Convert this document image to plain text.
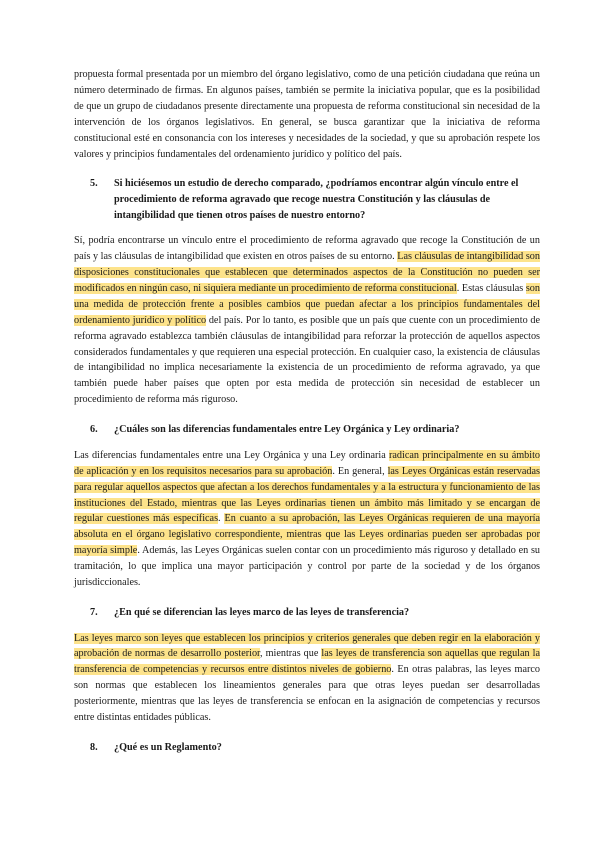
propuesta formal presentada por un miembro del órgano legislativo, como de una petición ciudadana que reúna un número determinado de firmas. En algunos países, también se permite la iniciativa popular, que es la posibilidad de que un grupo de ciudadanos presente directamente una propuesta de reforma constitucional sin necesidad de la intervención de los órganos legislativos. En general, se busca garantizar que la iniciativa de reforma constitucional esté en consonancia con los intereses y necesidades de la sociedad, y que su aprobación respete los valores y principios fundamentales del ordenamiento jurídico y político del país.

5.	Si hiciésemos un estudio de derecho comparado, ¿podríamos encontrar algún vínculo entre el procedimiento de reforma agravado que recoge nuestra Constitución y las cláusulas de intangibilidad que tienen otros países de nuestro entorno?

Sí, podría encontrarse un vínculo entre el procedimiento de reforma agravado que recoge la Constitución de un país y las cláusulas de intangibilidad que existen en otros países de su entorno. Las cláusulas de intangibilidad son disposiciones constitucionales que establecen que determinados aspectos de la Constitución no pueden ser modificados en ningún caso, ni siquiera mediante un procedimiento de reforma constitucional. Estas cláusulas son una medida de protección frente a posibles cambios que puedan afectar a los principios fundamentales del ordenamiento jurídico y político del país. Por lo tanto, es posible que un país que cuente con un procedimiento de reforma agravado establezca también cláusulas de intangibilidad para reforzar la protección de aquellos aspectos considerados fundamentales y que requieren una especial protección. En cualquier caso, la existencia de cláusulas de intangibilidad no implica necesariamente la existencia de un procedimiento de reforma agravado, ya que también puede haber países que opten por esta medida de protección sin necesidad de establecer un procedimiento de reforma más riguroso.

6.	¿Cuáles son las diferencias fundamentales entre Ley Orgánica y Ley ordinaria?

Las diferencias fundamentales entre una Ley Orgánica y una Ley ordinaria radican principalmente en su ámbito de aplicación y en los requisitos necesarios para su aprobación. En general, las Leyes Orgánicas están reservadas para regular aquellos aspectos que afectan a los derechos fundamentales y a la estructura y funcionamiento de las instituciones del Estado, mientras que las Leyes ordinarias tienen un ámbito más limitado y se encargan de regular cuestiones más específicas. En cuanto a su aprobación, las Leyes Orgánicas requieren de una mayoría absoluta en el órgano legislativo correspondiente, mientras que las Leyes ordinarias pueden ser aprobadas por mayoría simple. Además, las Leyes Orgánicas suelen contar con un procedimiento más riguroso y detallado en su tramitación, lo que implica una mayor participación y control por parte de la sociedad y de los órganos jurisdiccionales.

7.	¿En qué se diferencian las leyes marco de las leyes de transferencia?

Las leyes marco son leyes que establecen los principios y criterios generales que deben regir en la elaboración y aprobación de normas de desarrollo posterior, mientras que las leyes de transferencia son aquellas que regulan la transferencia de competencias y recursos entre distintos niveles de gobierno. En otras palabras, las leyes marco son normas que establecen los lineamientos generales para que otras leyes puedan ser desarrolladas posteriormente, mientras que las leyes de transferencia se enfocan en la asignación de competencias y recursos entre distintas entidades públicas.

8.	¿Qué es un Reglamento?
